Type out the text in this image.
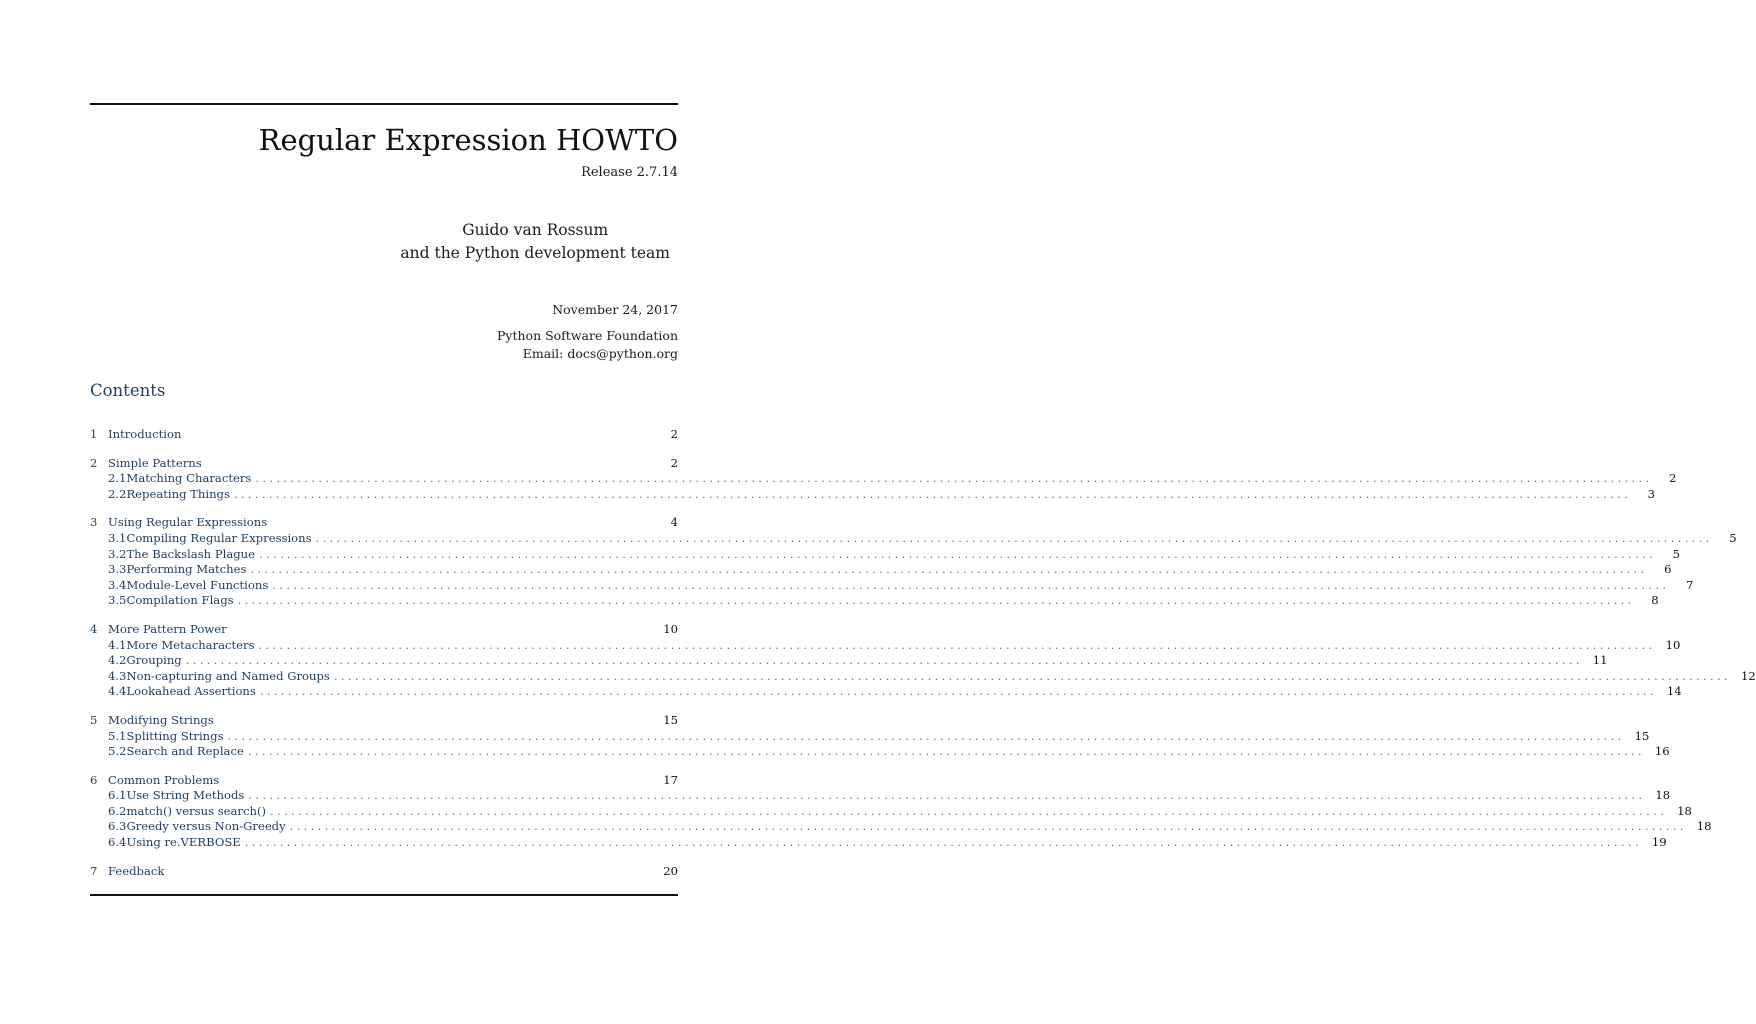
Regular Expression HOWTO
Release 2.7.14
Guido van Rossum
and the Python development team
November 24, 2017
Python Software Foundation
Email: docs@python.org
Contents
1 Introduction	2
2 Simple Patterns	2
2.1 Matching Characters ........................................................................................................................................................................................................	2
2.2 Repeating Things ........................................................................................................................................................................................................	3
3 Using Regular Expressions	4
3.1 Compiling Regular Expressions ........................................................................................................................................................................................................	5
3.2 The Backslash Plague ........................................................................................................................................................................................................	5
3.3 Performing Matches ........................................................................................................................................................................................................	6
3.4 Module-Level Functions ........................................................................................................................................................................................................	7
3.5 Compilation Flags ........................................................................................................................................................................................................	8
4 More Pattern Power	10
4.1 More Metacharacters ........................................................................................................................................................................................................ 10
4.2 Grouping ........................................................................................................................................................................................................ 11
4.3 Non-capturing and Named Groups ........................................................................................................................................................................................................ 12
4.4 Lookahead Assertions ........................................................................................................................................................................................................ 14
5 Modifying Strings	15
5.1 Splitting Strings ........................................................................................................................................................................................................ 15
5.2 Search and Replace ........................................................................................................................................................................................................ 16
6 Common Problems	17
6.1 Use String Methods ........................................................................................................................................................................................................ 18
6.2 match() versus search() ........................................................................................................................................................................................................ 18
6.3 Greedy versus Non-Greedy ........................................................................................................................................................................................................ 18
6.4 Using re.VERBOSE ........................................................................................................................................................................................................ 19
7 Feedback	20
